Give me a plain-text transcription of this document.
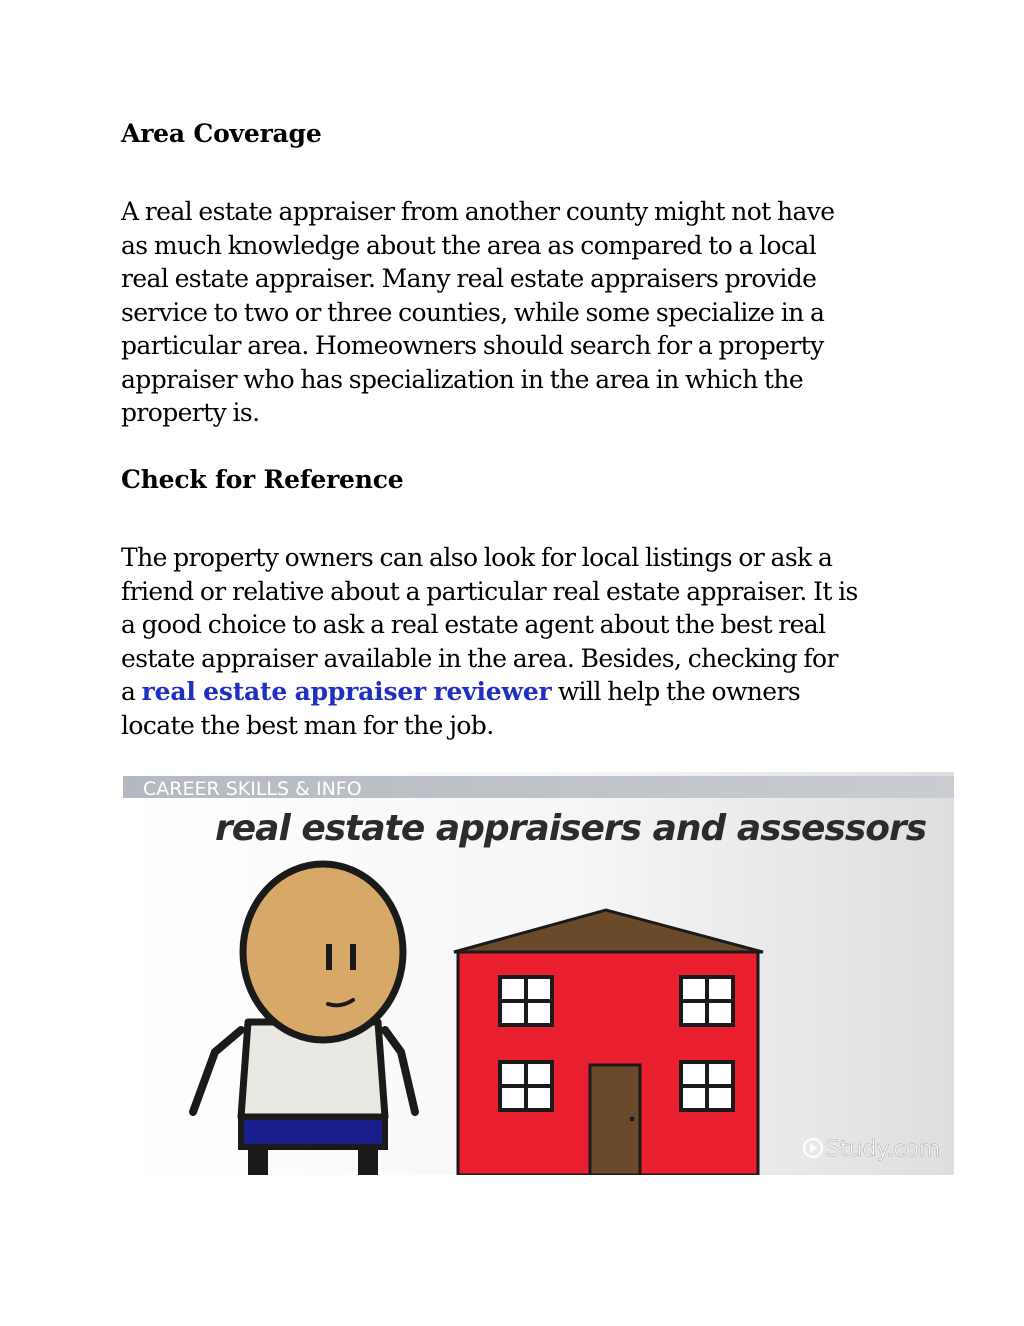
Area Coverage

A real estate appraiser from another county might not have
as much knowledge about the area as compared to a local
real estate appraiser. Many real estate appraisers provide
service to two or three counties, while some specialize in a
particular area. Homeowners should search for a property
appraiser who has specialization in the area in which the
property is.

Check for Reference

The property owners can also look for local listings or ask a
friend or relative about a particular real estate appraiser. It is
a good choice to ask a real estate agent about the best real
estate appraiser available in the area. Besides, checking for
a real estate appraiser reviewer will help the owners
locate the best man for the job.

CAREER SKILLS & INFO
real estate appraisers and assessors
Study.com
